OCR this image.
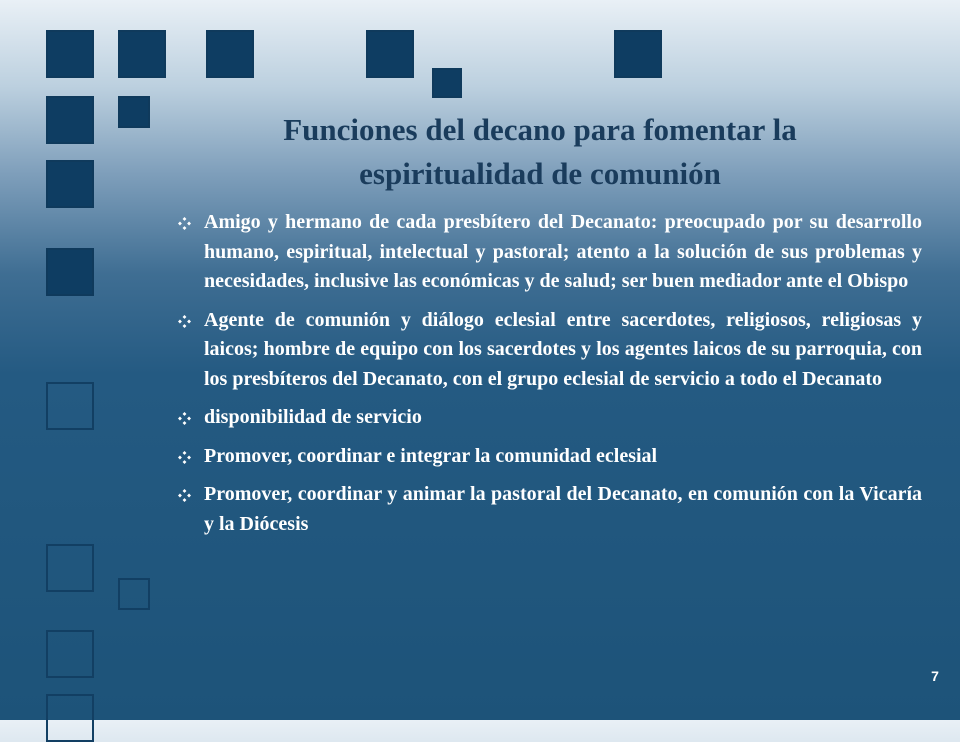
Funciones del decano para fomentar la
espiritualidad de comunión
Amigo y hermano de cada presbítero del Decanato: preocupado por su desarrollo humano, espiritual, intelectual y pastoral; atento a la solución de sus problemas y necesidades, inclusive las económicas y de salud; ser buen mediador ante el Obispo
Agente de comunión y diálogo eclesial entre sacerdotes, religiosos, religiosas y laicos; hombre de equipo con los sacerdotes y los agentes laicos de su parroquia, con los presbíteros del Decanato, con el grupo eclesial de servicio a todo el Decanato
disponibilidad de servicio
Promover, coordinar e integrar la comunidad eclesial
Promover, coordinar y animar la pastoral del Decanato, en comunión con la Vicaría y la Diócesis
7
